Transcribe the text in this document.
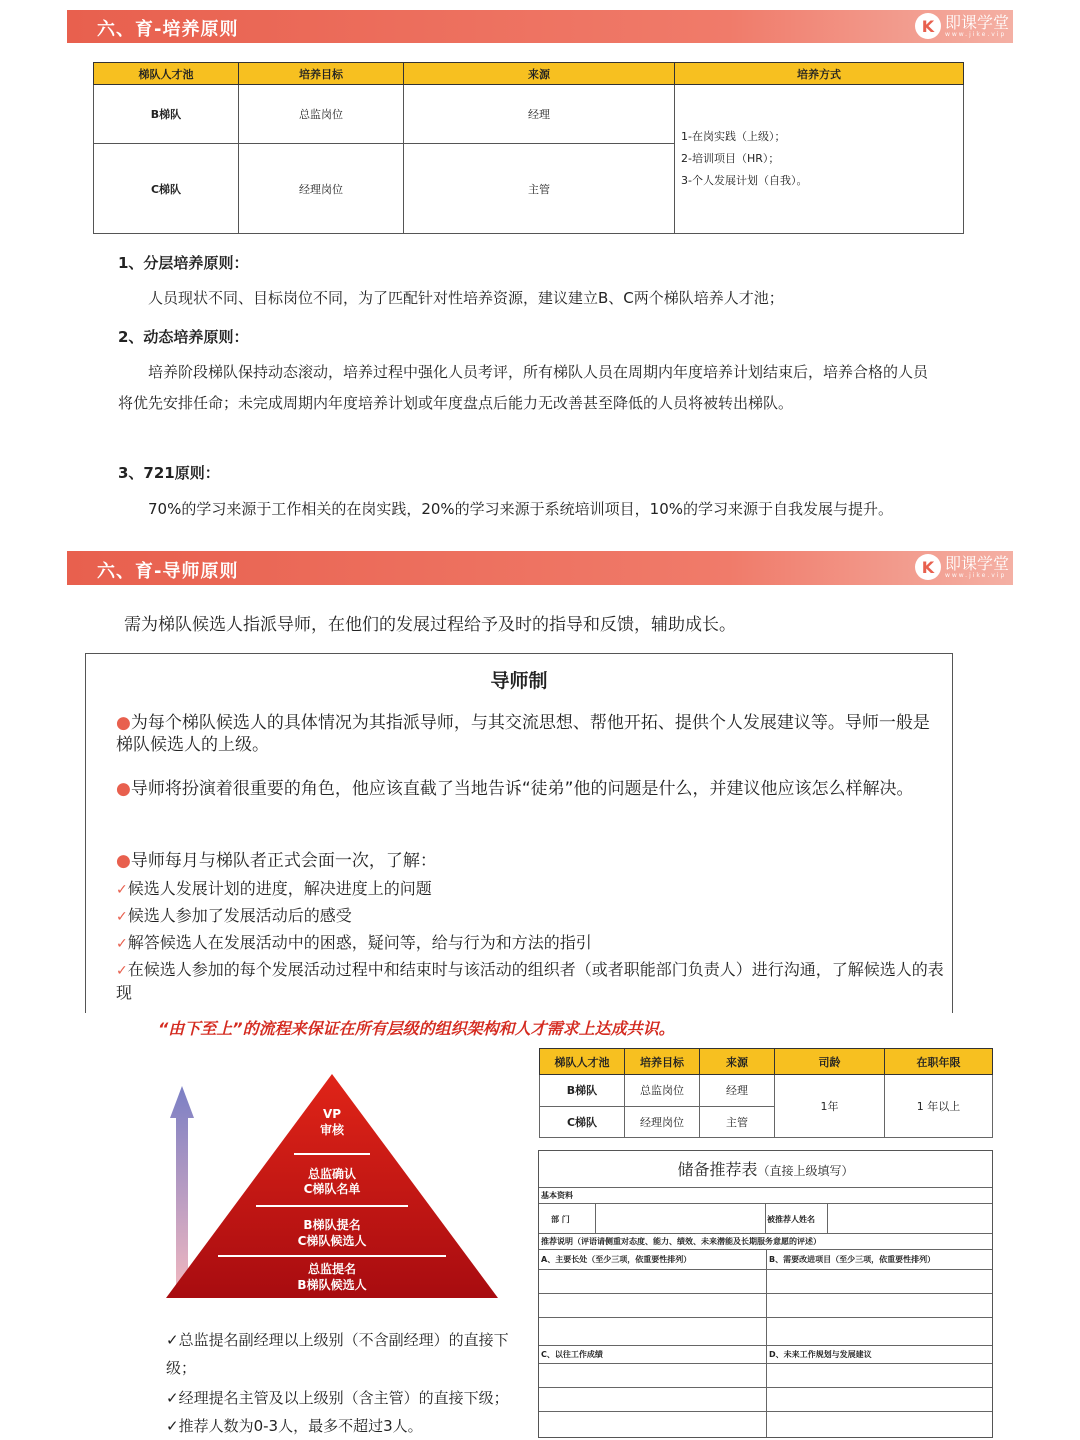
六、育-培养原则	K 即课学堂
www.jike.vip
梯队人才池	培养目标	来源	培养方式
B梯队	总监岗位	经理	1-在岗实践（上级）；
2-培训项目（HR）；
3-个人发展计划（自我）。

C梯队	经理岗位	主管	
1、分层培养原则：
人员现状不同、目标岗位不同，为了匹配针对性培养资源，建议建立B、C两个梯队培养人才池；
2、动态培养原则：
培养阶段梯队保持动态滚动，培养过程中强化人员考评，所有梯队人员在周期内年度培养计划结束后，培养合格的人员将优先安排任命；未完成周期内年度培养计划或年度盘点后能力无改善甚至降低的人员将被转出梯队。
3、721原则：
70%的学习来源于工作相关的在岗实践，20%的学习来源于系统培训项目，10%的学习来源于自我发展与提升。
六、育-导师原则	K 即课学堂
www.jike.vip
需为梯队候选人指派导师，在他们的发展过程给予及时的指导和反馈，辅助成长。
导师制
●为每个梯队候选人的具体情况为其指派导师，与其交流思想、帮他开拓、提供个人发展建议等。导师一般是梯队候选人的上级。
●导师将扮演着很重要的角色，他应该直截了当地告诉“徒弟”他的问题是什么，并建议他应该怎么样解决。
●导师每月与梯队者正式会面一次，了解：
✓候选人发展计划的进度，解决进度上的问题
✓候选人参加了发展活动后的感受
✓解答候选人在发展活动中的困惑，疑问等，给与行为和方法的指引
✓在候选人参加的每个发展活动过程中和结束时与该活动的组织者（或者职能部门负责人）进行沟通，了解候选人的表现
“由下至上”的流程来保证在所有层级的组织架构和人才需求上达成共识。
VP
审核
总监确认
C梯队名单
B梯队提名
C梯队候选人
总监提名
B梯队候选人
梯队人才池	培养目标	来源	司龄	在职年限
B梯队	总监岗位	经理	1年	1 年以上
C梯队	经理岗位	主管		
储备推荐表（直接上级填写）
基本资料
部 门	被推荐人姓名
推荐说明（评语请侧重对态度、能力、绩效、未来潜能及长期服务意愿的评述）
A、主要长处（至少三项，依重要性排列）	B、需要改进项目（至少三项，依重要性排列）
C、以往工作成绩	D、未来工作规划与发展建议
✓总监提名副经理以上级别（不含副经理）的直接下级；
✓经理提名主管及以上级别（含主管）的直接下级；
✓推荐人数为0-3人，最多不超过3人。
